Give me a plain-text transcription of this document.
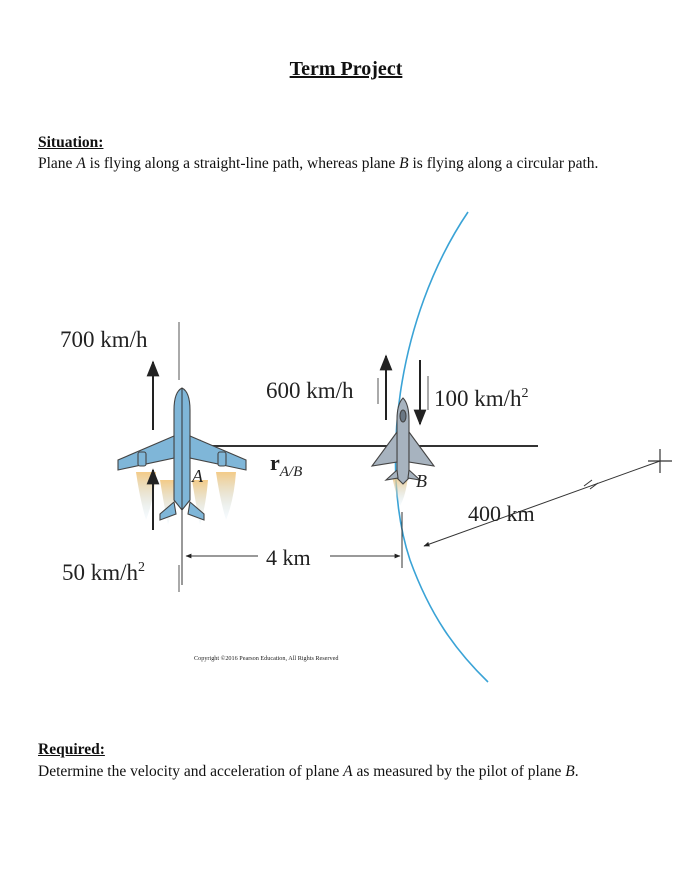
Term Project
Situation:
Plane A is flying along a straight-line path, whereas plane B is flying along a circular path.
700 km/h
50 $km/h^2$
600 km/h	100 $km/h^2$
$r_{A/B}$
4 km
400 km
A	B
Copyright ©2016 Pearson Education, All Rights Reserved
Required:
Determine the velocity and acceleration of plane A as measured by the pilot of plane B.
